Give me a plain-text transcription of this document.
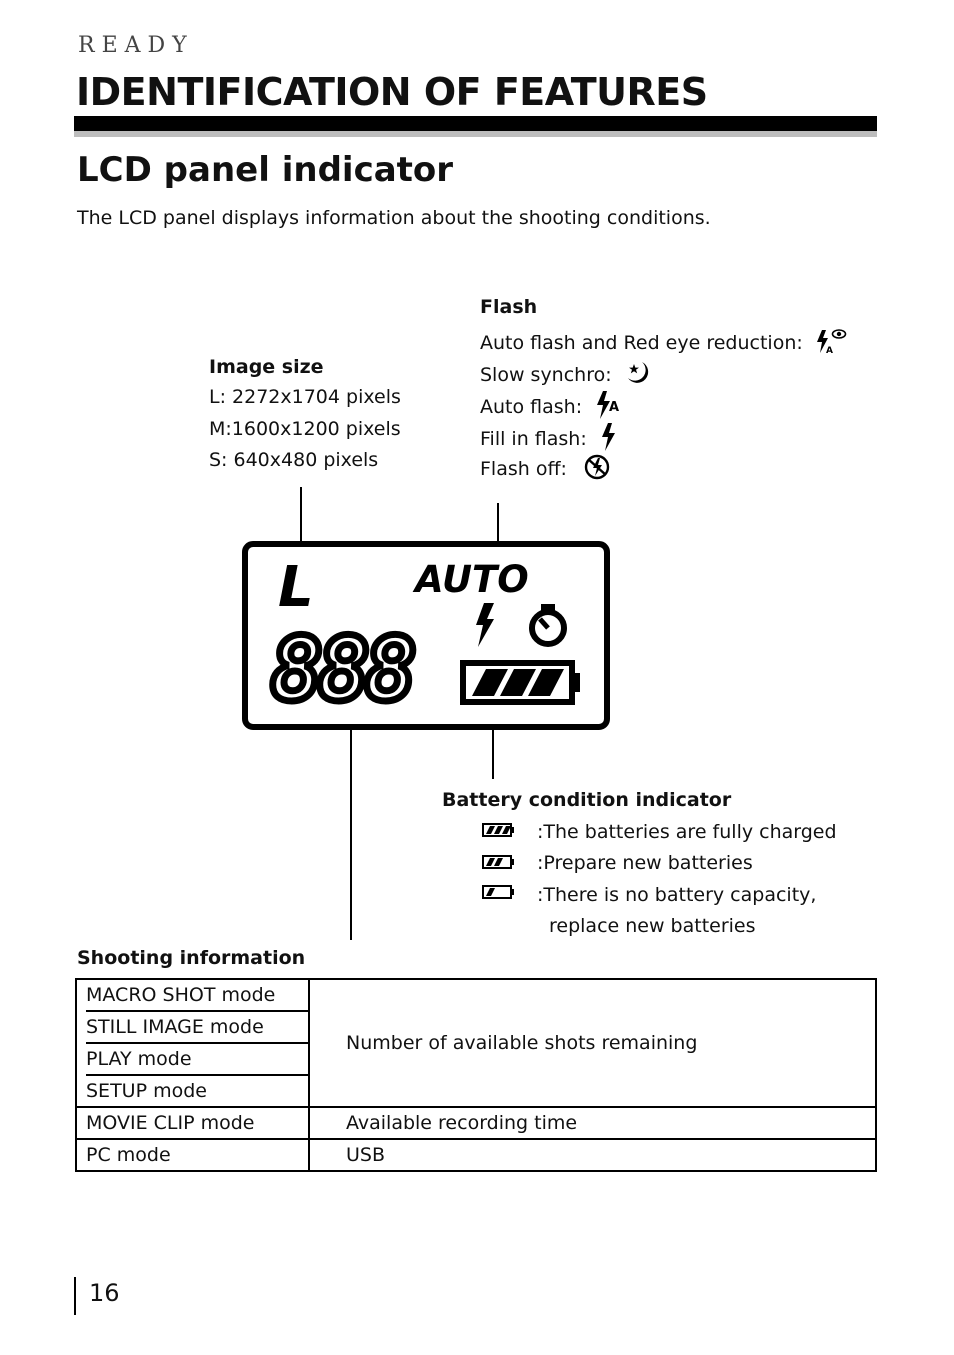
READY
IDENTIFICATION OF FEATURES
LCD panel indicator
The LCD panel displays information about the shooting conditions.
Flash
Auto flash and Red eye reduction:	A
Slow synchro:
Auto flash: A
Fill in flash:
Flash off:
Image size
L: 2272x1704 pixels
M:1600x1200 pixels
S: 640x480 pixels
L	AUTO
888
Battery condition indicator
:The batteries are fully charged
:Prepare new batteries
:There is no battery capacity,
replace new batteries
Shooting information
MACRO SHOT mode	Number of available shots remaining

STILL IMAGE mode	

PLAY mode	

SETUP mode	
MOVIE CLIP mode	Available recording time
PC mode	USB
16
